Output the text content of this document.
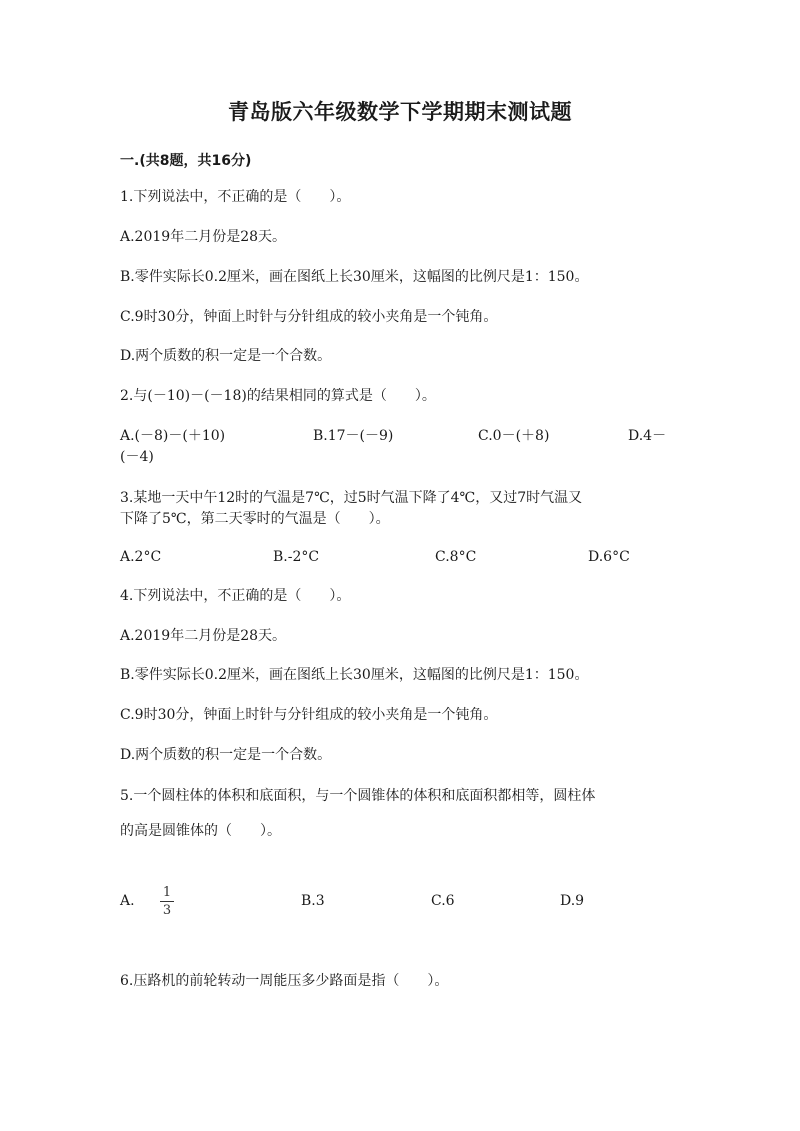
青岛版六年级数学下学期期末测试题
一.(共8题，共16分)
1.下列说法中，不正确的是（　　）。
A.2019年二月份是28天。
B.零件实际长0.2厘米，画在图纸上长30厘米，这幅图的比例尺是1：150。
C.9时30分，钟面上时针与分针组成的较小夹角是一个钝角。
D.两个质数的积一定是一个合数。
2.与(－10)－(－18)的结果相同的算式是（　　）。
A.(－8)－(＋10)	B.17－(－9)	C.0－(＋8)	D.4－
(－4)
3.某地一天中午12时的气温是7℃，过5时气温下降了4℃，又过7时气温又
下降了5℃，第二天零时的气温是（　　）。
A.2°C	B.-2°C	C.8°C	D.6°C
4.下列说法中，不正确的是（　　）。
A.2019年二月份是28天。
B.零件实际长0.2厘米，画在图纸上长30厘米，这幅图的比例尺是1：150。
C.9时30分，钟面上时针与分针组成的较小夹角是一个钝角。
D.两个质数的积一定是一个合数。
5.一个圆柱体的体积和底面积，与一个圆锥体的体积和底面积都相等，圆柱体
的高是圆锥体的（　　）。
A.
1
3
B.3	C.6	D.9
6.压路机的前轮转动一周能压多少路面是指（　　）。
